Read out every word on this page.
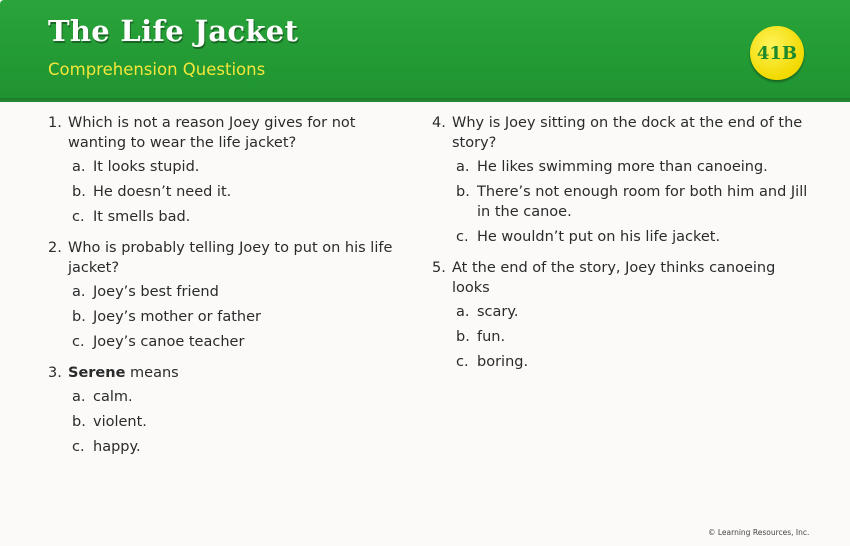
The Life Jacket
Comprehension Questions
41B
1. Which is not a reason Joey gives for not wanting to wear the life jacket?
a. It looks stupid.
b. He doesn’t need it.
c. It smells bad.
2. Who is probably telling Joey to put on his life jacket?
a. Joey’s best friend
b. Joey’s mother or father
c. Joey’s canoe teacher
3. Serene means
a. calm.
b. violent.
c. happy.
4. Why is Joey sitting on the dock at the end of the story?
a. He likes swimming more than canoeing.
b. There’s not enough room for both him and Jill in the canoe.
c. He wouldn’t put on his life jacket.
5. At the end of the story, Joey thinks canoeing looks
a. scary.
b. fun.
c. boring.
© Learning Resources, Inc.
